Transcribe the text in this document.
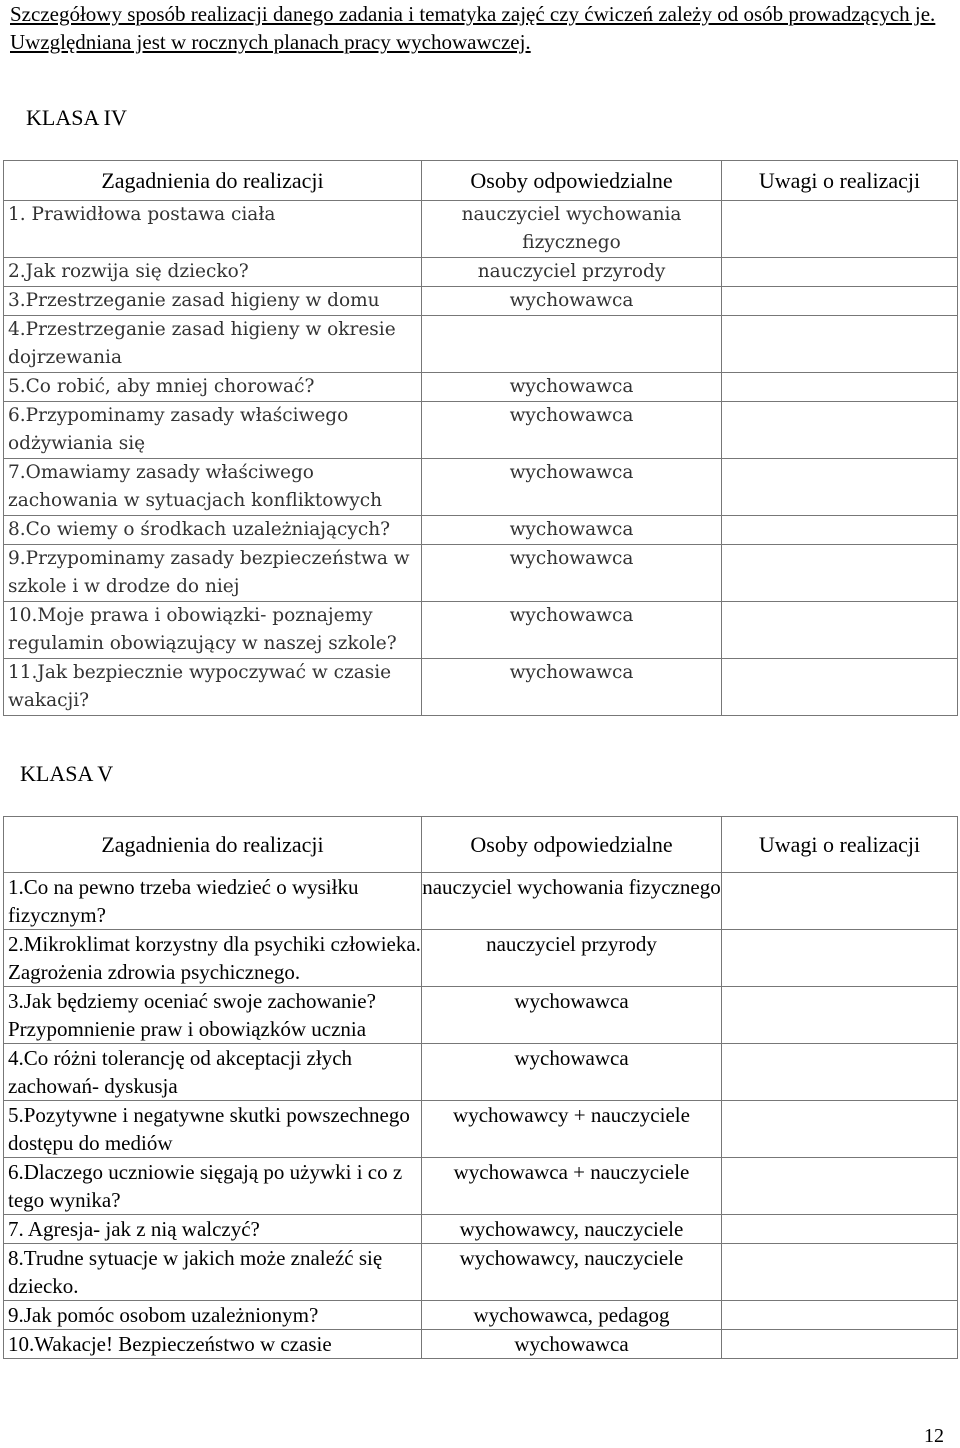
Szczegółowy sposób realizacji danego zadania i tematyka zajęć czy ćwiczeń zależy od osób prowadzących je. Uwzględniana jest w rocznych planach pracy wychowawczej.
KLASA IV
Zagadnienia do realizacji	Osoby odpowiedzialne	Uwagi o realizacji
1. Prawidłowa postawa ciała	nauczyciel wychowania fizycznego	
2.Jak rozwija się dziecko?	nauczyciel przyrody	
3.Przestrzeganie zasad higieny w domu	wychowawca	
4.Przestrzeganie zasad higieny w okresie dojrzewania		
5.Co robić, aby mniej chorować?	wychowawca	
6.Przypominamy zasady właściwego odżywiania się	wychowawca	
7.Omawiamy zasady właściwego zachowania w sytuacjach konfliktowych	wychowawca	
8.Co wiemy o środkach uzależniających?	wychowawca	
9.Przypominamy zasady bezpieczeństwa w szkole i w drodze do niej	wychowawca	
10.Moje prawa i obowiązki- poznajemy regulamin obowiązujący w naszej szkole?	wychowawca	
11.Jak bezpiecznie wypoczywać w czasie wakacji?	wychowawca	
KLASA V
Zagadnienia do realizacji	Osoby odpowiedzialne	Uwagi o realizacji
1.Co na pewno trzeba wiedzieć o wysiłku fizycznym?	nauczyciel wychowania fizycznego	
2.Mikroklimat korzystny dla psychiki człowieka. Zagrożenia zdrowia psychicznego.	nauczyciel przyrody	
3.Jak będziemy oceniać swoje zachowanie? Przypomnienie praw i obowiązków ucznia	wychowawca	
4.Co różni tolerancję od akceptacji złych zachowań- dyskusja	wychowawca	
5.Pozytywne i negatywne skutki powszechnego dostępu do mediów	wychowawcy + nauczyciele	
6.Dlaczego uczniowie sięgają po używki i co z tego wynika?	wychowawca + nauczyciele	
7. Agresja- jak z nią walczyć?	wychowawcy, nauczyciele	
8.Trudne sytuacje w jakich może znaleźć się dziecko.	wychowawcy, nauczyciele	
9.Jak pomóc osobom uzależnionym?	wychowawca, pedagog	
10.Wakacje! Bezpieczeństwo w czasie	wychowawca	
12
